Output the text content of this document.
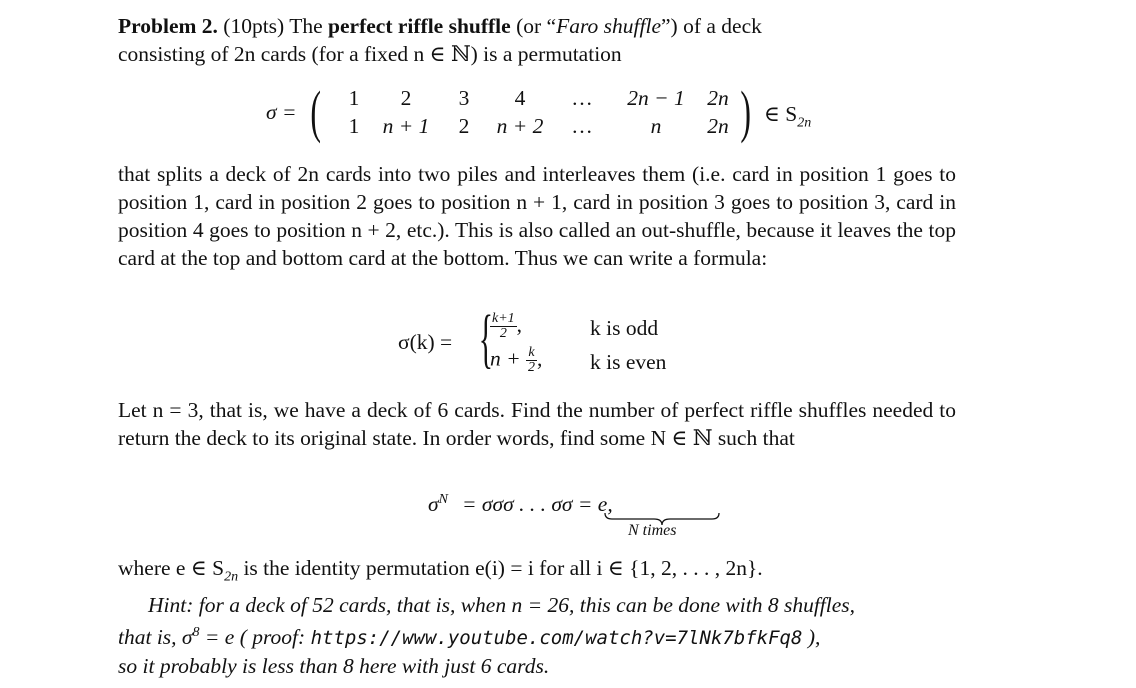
Problem 2. (10pts) The perfect riffle shuffle (or “Faro shuffle”) of a deck
consisting of 2n cards (for a fixed n ∈ ℕ) is a permutation
σ = (	1	2	3	4	…	2n − 1	2n
1	n + 1	2	n + 2	…	n	2n ) ∈ $S_{2n}$
that splits a deck of 2n cards into two piles and interleaves them (i.e. card in position 1 goes to position 1, card in position 2 goes to position n + 1, card in position 3 goes to position 3, card in position 4 goes to position n + 2, etc.). This is also called an out-shuffle, because it leaves the top card at the top and bottom card at the bottom. Thus we can write a formula:
σ(k) = {
$\frac{k+1}{2}$ ,	k is odd
$n + \frac{k}{2}$ , k is even
Let n = 3, that is, we have a deck of 6 cards. Find the number of perfect riffle shuffles needed to return the deck to its original state. In order words, find some N ∈ ℕ such that
$\sigma^N = \sigma\sigma\sigma$ . . . σσ = e,
N times
where e ∈ $S_{2n}$ is the identity permutation e(i) = i for all i ∈ {1, 2, . . . , 2n}.
Hint: for a deck of 52 cards, that is, when n = 26, this can be done with 8 shuffles,
that is, $\sigma^8 = e$ ( proof: https://www.youtube.com/watch?v=7lNk7bfkFq8 ),
so it probably is less than 8 here with just 6 cards.
